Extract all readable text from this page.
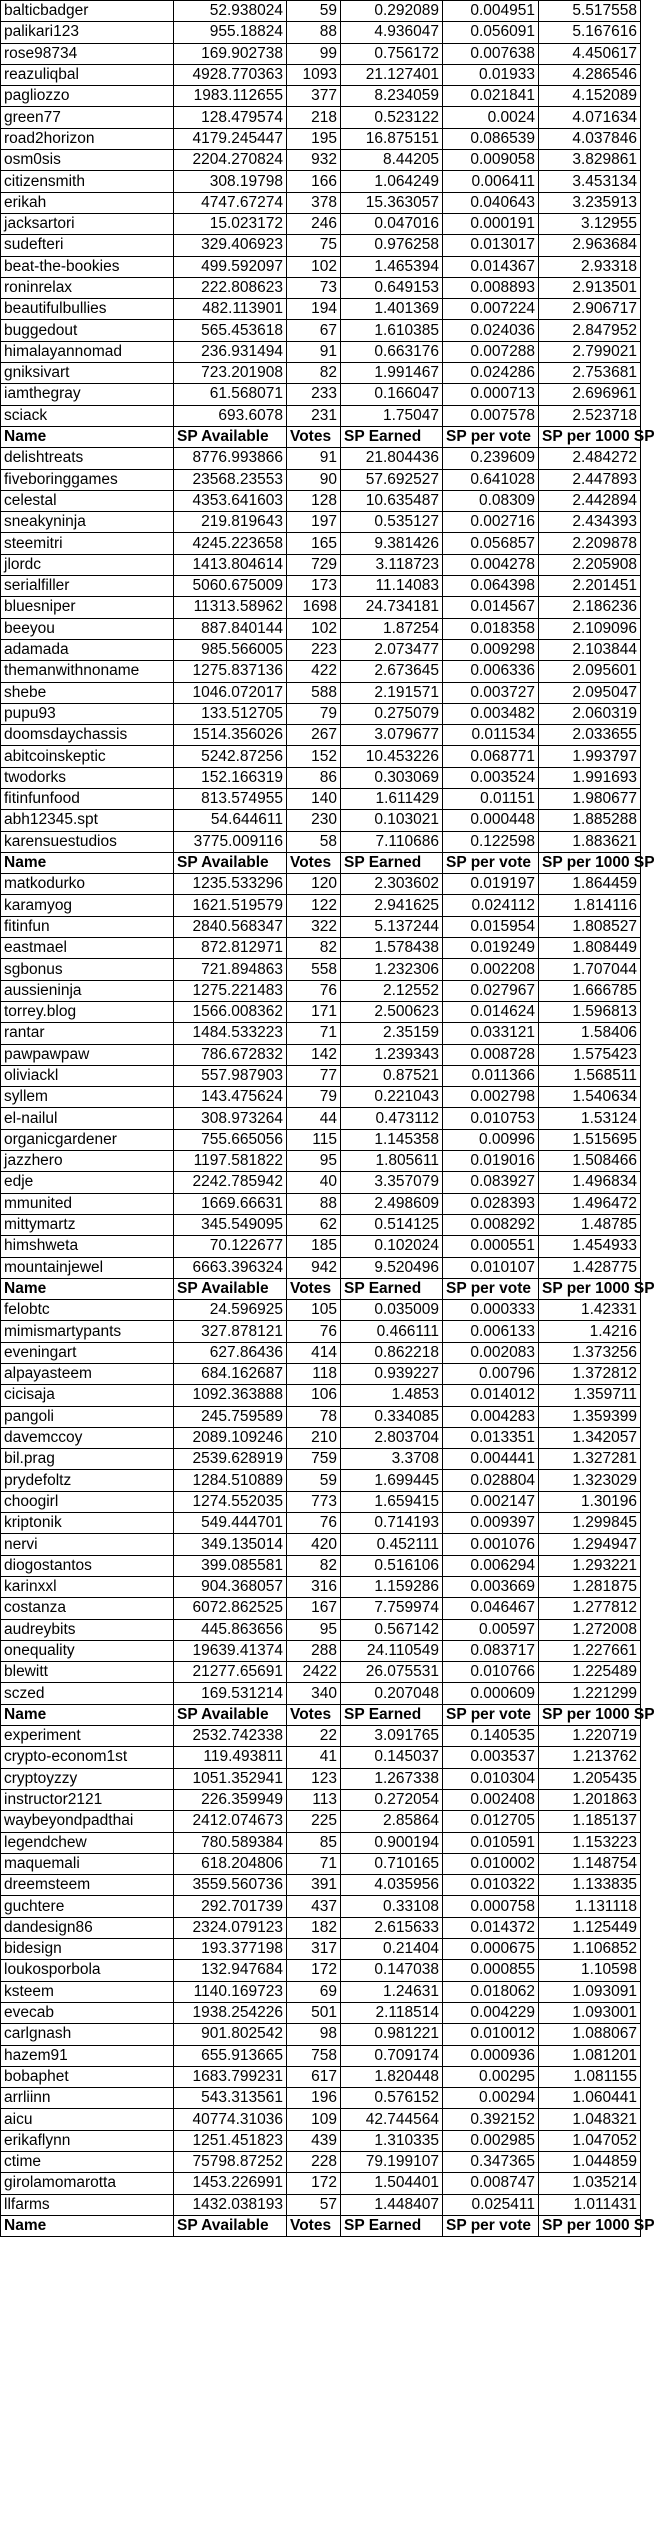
balticbadger	52.938024	59	0.292089	0.004951	5.517558
palikari123	955.18824	88	4.936047	0.056091	5.167616
rose98734	169.902738	99	0.756172	0.007638	4.450617
reazuliqbal	4928.770363	1093	21.127401	0.01933	4.286546
pagliozzo	1983.112655	377	8.234059	0.021841	4.152089
green77	128.479574	218	0.523122	0.0024	4.071634
road2horizon	4179.245447	195	16.875151	0.086539	4.037846
osm0sis	2204.270824	932	8.44205	0.009058	3.829861
citizensmith	308.19798	166	1.064249	0.006411	3.453134
erikah	4747.67274	378	15.363057	0.040643	3.235913
jacksartori	15.023172	246	0.047016	0.000191	3.12955
sudefteri	329.406923	75	0.976258	0.013017	2.963684
beat-the-bookies	499.592097	102	1.465394	0.014367	2.93318
roninrelax	222.808623	73	0.649153	0.008893	2.913501
beautifulbullies	482.113901	194	1.401369	0.007224	2.906717
buggedout	565.453618	67	1.610385	0.024036	2.847952
himalayannomad	236.931494	91	0.663176	0.007288	2.799021
gniksivart	723.201908	82	1.991467	0.024286	2.753681
iamthegray	61.568071	233	0.166047	0.000713	2.696961
sciack	693.6078	231	1.75047	0.007578	2.523718
Name	SP Available	Votes	SP Earned	SP per vote	SP per 1000 SP
delishtreats	8776.993866	91	21.804436	0.239609	2.484272
fiveboringgames	23568.23553	90	57.692527	0.641028	2.447893
celestal	4353.641603	128	10.635487	0.08309	2.442894
sneakyninja	219.819643	197	0.535127	0.002716	2.434393
steemitri	4245.223658	165	9.381426	0.056857	2.209878
jlordc	1413.804614	729	3.118723	0.004278	2.205908
serialfiller	5060.675009	173	11.14083	0.064398	2.201451
bluesniper	11313.58962	1698	24.734181	0.014567	2.186236
beeyou	887.840144	102	1.87254	0.018358	2.109096
adamada	985.566005	223	2.073477	0.009298	2.103844
themanwithnoname	1275.837136	422	2.673645	0.006336	2.095601
shebe	1046.072017	588	2.191571	0.003727	2.095047
pupu93	133.512705	79	0.275079	0.003482	2.060319
doomsdaychassis	1514.356026	267	3.079677	0.011534	2.033655
abitcoinskeptic	5242.87256	152	10.453226	0.068771	1.993797
twodorks	152.166319	86	0.303069	0.003524	1.991693
fitinfunfood	813.574955	140	1.611429	0.01151	1.980677
abh12345.spt	54.644611	230	0.103021	0.000448	1.885288
karensuestudios	3775.009116	58	7.110686	0.122598	1.883621
Name	SP Available	Votes	SP Earned	SP per vote	SP per 1000 SP
matkodurko	1235.533296	120	2.303602	0.019197	1.864459
karamyog	1621.519579	122	2.941625	0.024112	1.814116
fitinfun	2840.568347	322	5.137244	0.015954	1.808527
eastmael	872.812971	82	1.578438	0.019249	1.808449
sgbonus	721.894863	558	1.232306	0.002208	1.707044
aussieninja	1275.221483	76	2.12552	0.027967	1.666785
torrey.blog	1566.008362	171	2.500623	0.014624	1.596813
rantar	1484.533223	71	2.35159	0.033121	1.58406
pawpawpaw	786.672832	142	1.239343	0.008728	1.575423
oliviackl	557.987903	77	0.87521	0.011366	1.568511
syllem	143.475624	79	0.221043	0.002798	1.540634
el-nailul	308.973264	44	0.473112	0.010753	1.53124
organicgardener	755.665056	115	1.145358	0.00996	1.515695
jazzhero	1197.581822	95	1.805611	0.019016	1.508466
edje	2242.785942	40	3.357079	0.083927	1.496834
mmunited	1669.66631	88	2.498609	0.028393	1.496472
mittymartz	345.549095	62	0.514125	0.008292	1.48785
himshweta	70.122677	185	0.102024	0.000551	1.454933
mountainjewel	6663.396324	942	9.520496	0.010107	1.428775
Name	SP Available	Votes	SP Earned	SP per vote	SP per 1000 SP
felobtc	24.596925	105	0.035009	0.000333	1.42331
mimismartypants	327.878121	76	0.466111	0.006133	1.4216
eveningart	627.86436	414	0.862218	0.002083	1.373256
alpayasteem	684.162687	118	0.939227	0.00796	1.372812
cicisaja	1092.363888	106	1.4853	0.014012	1.359711
pangoli	245.759589	78	0.334085	0.004283	1.359399
davemccoy	2089.109246	210	2.803704	0.013351	1.342057
bil.prag	2539.628919	759	3.3708	0.004441	1.327281
prydefoltz	1284.510889	59	1.699445	0.028804	1.323029
choogirl	1274.552035	773	1.659415	0.002147	1.30196
kriptonik	549.444701	76	0.714193	0.009397	1.299845
nervi	349.135014	420	0.452111	0.001076	1.294947
diogostantos	399.085581	82	0.516106	0.006294	1.293221
karinxxl	904.368057	316	1.159286	0.003669	1.281875
costanza	6072.862525	167	7.759974	0.046467	1.277812
audreybits	445.863656	95	0.567142	0.00597	1.272008
onequality	19639.41374	288	24.110549	0.083717	1.227661
blewitt	21277.65691	2422	26.075531	0.010766	1.225489
sczed	169.531214	340	0.207048	0.000609	1.221299
Name	SP Available	Votes	SP Earned	SP per vote	SP per 1000 SP
experiment	2532.742338	22	3.091765	0.140535	1.220719
crypto-econom1st	119.493811	41	0.145037	0.003537	1.213762
cryptoyzzy	1051.352941	123	1.267338	0.010304	1.205435
instructor2121	226.359949	113	0.272054	0.002408	1.201863
waybeyondpadthai	2412.074673	225	2.85864	0.012705	1.185137
legendchew	780.589384	85	0.900194	0.010591	1.153223
maquemali	618.204806	71	0.710165	0.010002	1.148754
dreemsteem	3559.560736	391	4.035956	0.010322	1.133835
guchtere	292.701739	437	0.33108	0.000758	1.131118
dandesign86	2324.079123	182	2.615633	0.014372	1.125449
bidesign	193.377198	317	0.21404	0.000675	1.106852
loukosporbola	132.947684	172	0.147038	0.000855	1.10598
ksteem	1140.169723	69	1.24631	0.018062	1.093091
evecab	1938.254226	501	2.118514	0.004229	1.093001
carlgnash	901.802542	98	0.981221	0.010012	1.088067
hazem91	655.913665	758	0.709174	0.000936	1.081201
bobaphet	1683.799231	617	1.820448	0.00295	1.081155
arrliinn	543.313561	196	0.576152	0.00294	1.060441
aicu	40774.31036	109	42.744564	0.392152	1.048321
erikaflynn	1251.451823	439	1.310335	0.002985	1.047052
ctime	75798.87252	228	79.199107	0.347365	1.044859
girolamomarotta	1453.226991	172	1.504401	0.008747	1.035214
llfarms	1432.038193	57	1.448407	0.025411	1.011431
Name	SP Available	Votes	SP Earned	SP per vote	SP per 1000 SP
